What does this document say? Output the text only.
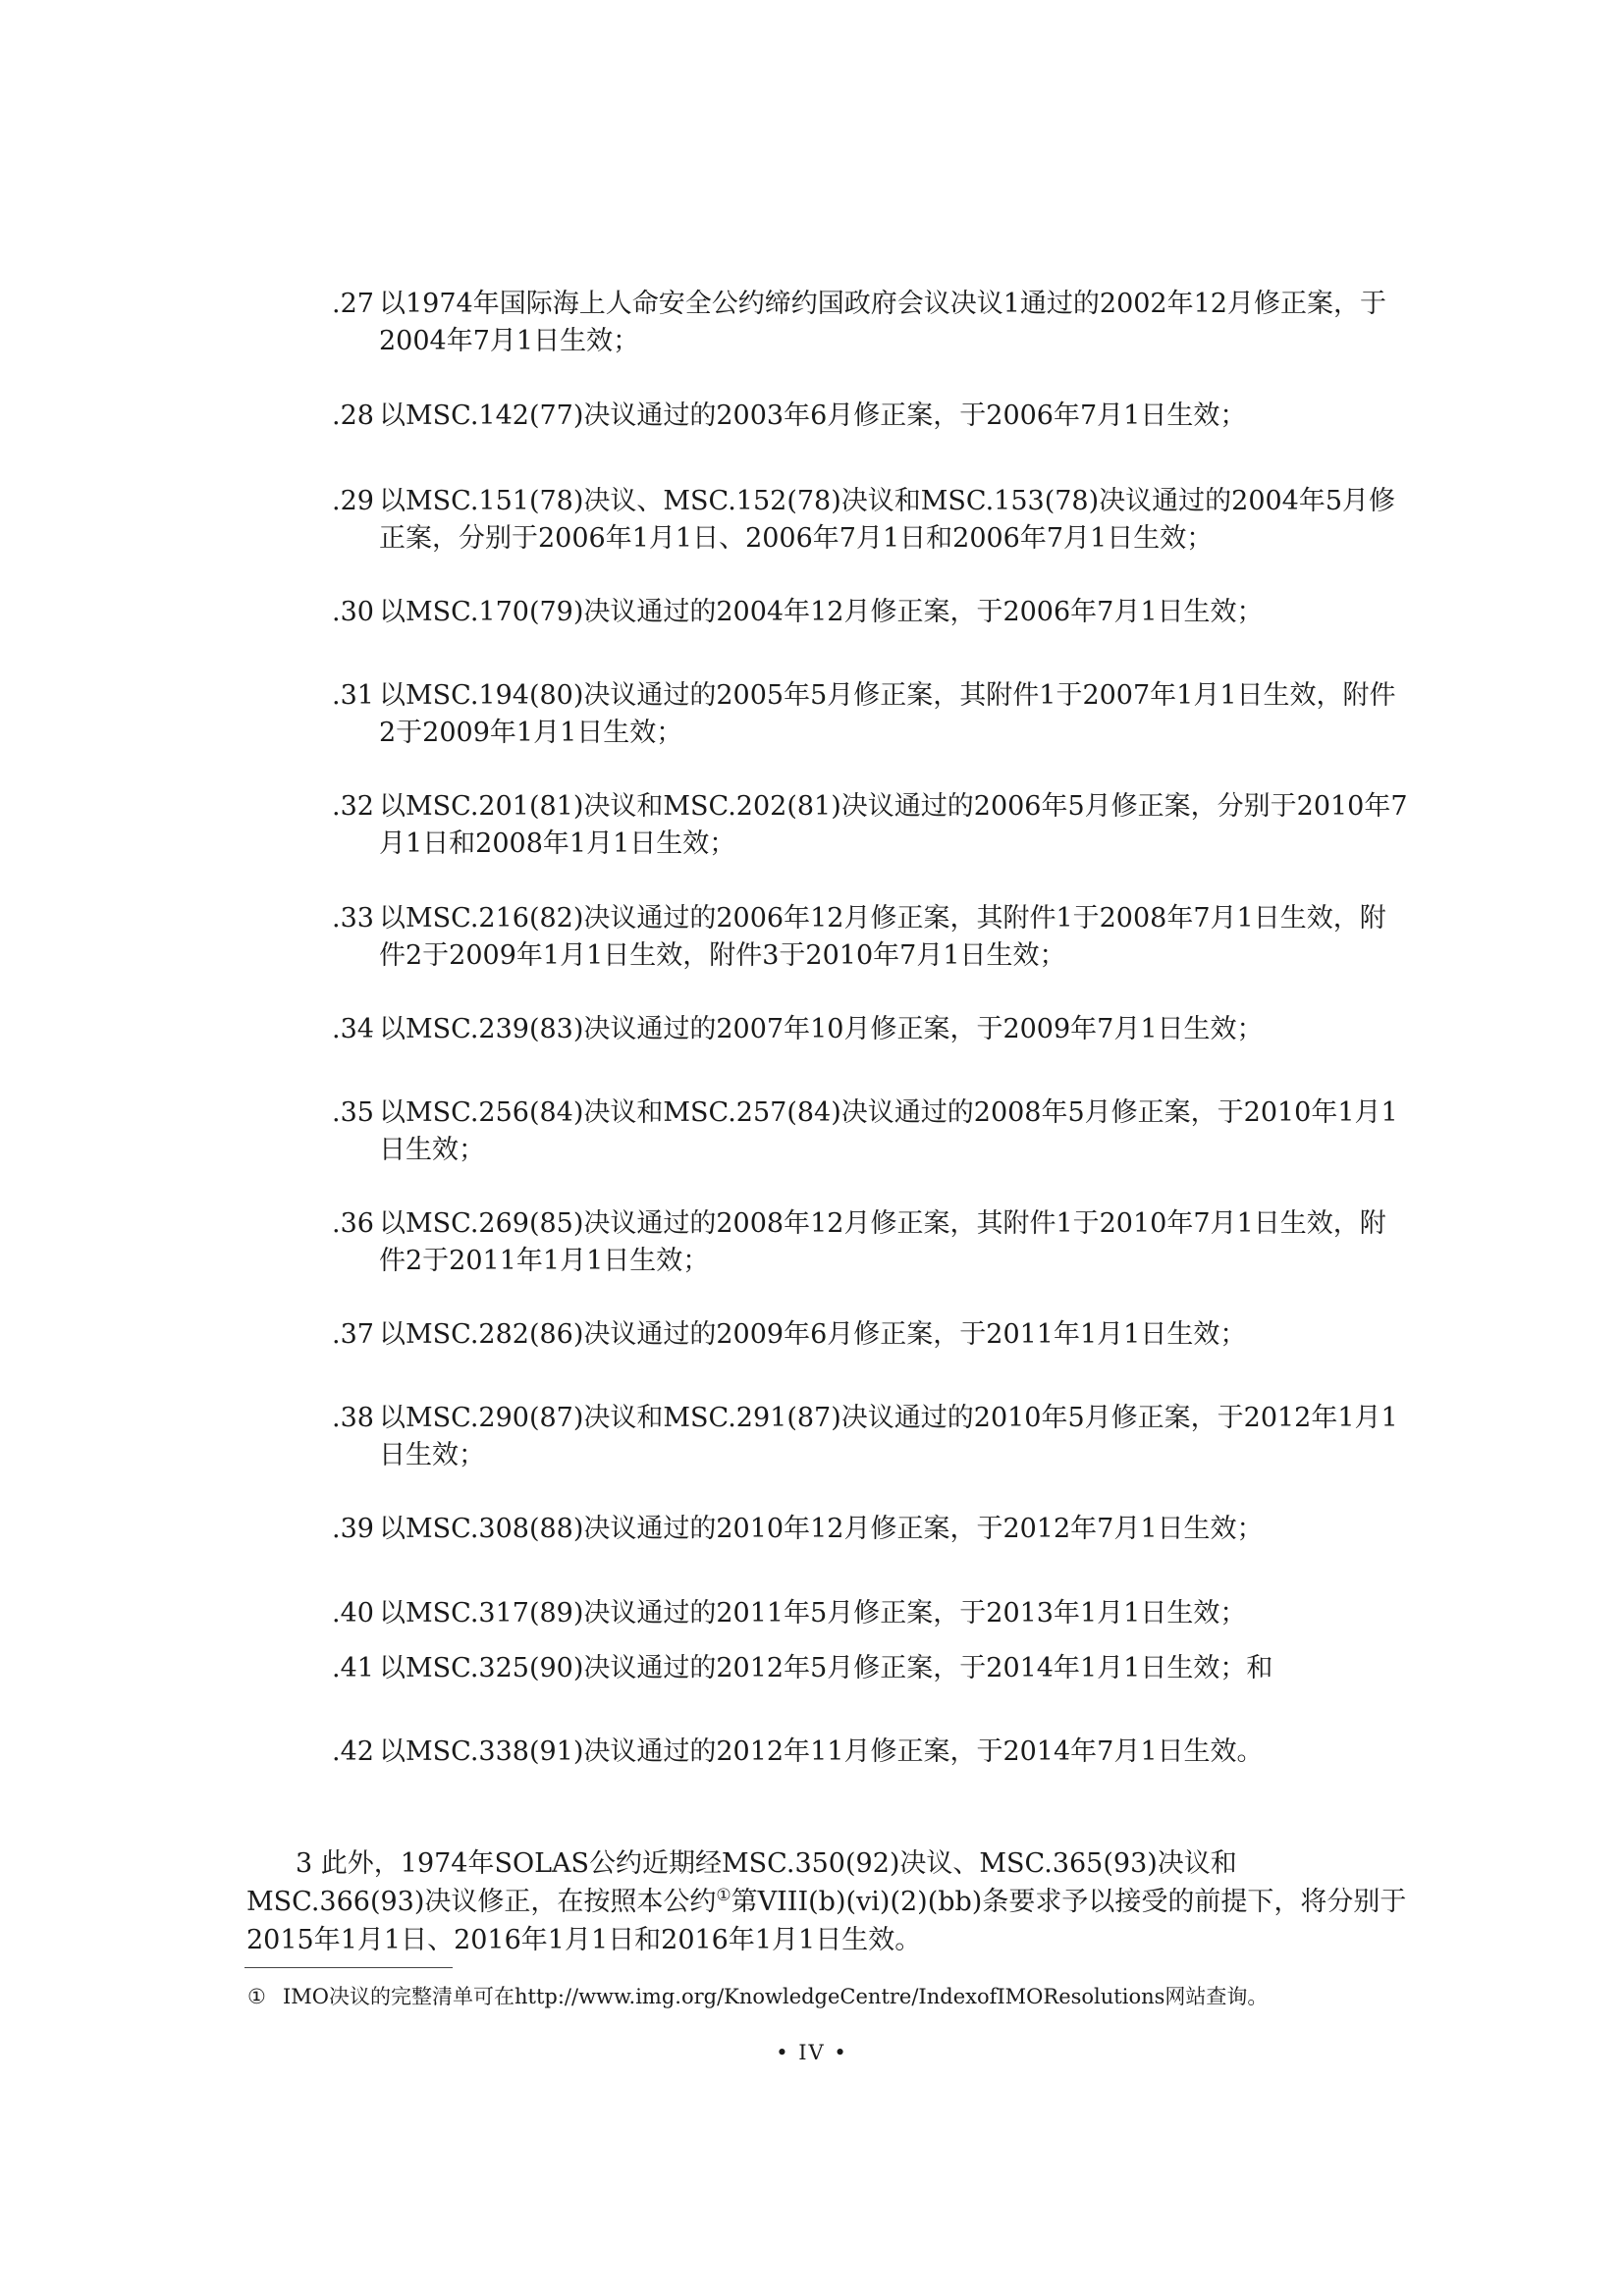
.27 以1974年国际海上人命安全公约缔约国政府会议决议1通过的2002年12月修正案，于2004年7月1日生效；
.28 以MSC.142(77)决议通过的2003年6月修正案，于2006年7月1日生效；
.29 以MSC.151(78)决议、MSC.152(78)决议和MSC.153(78)决议通过的2004年5月修正案，分别于2006年1月1日、2006年7月1日和2006年7月1日生效；
.30 以MSC.170(79)决议通过的2004年12月修正案，于2006年7月1日生效；
.31 以MSC.194(80)决议通过的2005年5月修正案，其附件1于2007年1月1日生效，附件2于2009年1月1日生效；
.32 以MSC.201(81)决议和MSC.202(81)决议通过的2006年5月修正案，分别于2010年7月1日和2008年1月1日生效；
.33 以MSC.216(82)决议通过的2006年12月修正案，其附件1于2008年7月1日生效，附件2于2009年1月1日生效，附件3于2010年7月1日生效；
.34 以MSC.239(83)决议通过的2007年10月修正案，于2009年7月1日生效；
.35 以MSC.256(84)决议和MSC.257(84)决议通过的2008年5月修正案，于2010年1月1日生效；
.36 以MSC.269(85)决议通过的2008年12月修正案，其附件1于2010年7月1日生效，附件2于2011年1月1日生效；
.37 以MSC.282(86)决议通过的2009年6月修正案，于2011年1月1日生效；
.38 以MSC.290(87)决议和MSC.291(87)决议通过的2010年5月修正案，于2012年1月1日生效；
.39 以MSC.308(88)决议通过的2010年12月修正案，于2012年7月1日生效；
.40 以MSC.317(89)决议通过的2011年5月修正案，于2013年1月1日生效；
.41 以MSC.325(90)决议通过的2012年5月修正案，于2014年1月1日生效；和
.42 以MSC.338(91)决议通过的2012年11月修正案，于2014年7月1日生效。

3 此外，1974年SOLAS公约近期经MSC.350(92)决议、MSC.365(93)决议和MSC.366(93)决议修正，在按照本公约①第VIII(b)(vi)(2)(bb)条要求予以接受的前提下，将分别于2015年1月1日、2016年1月1日和2016年1月1日生效。

① IMO决议的完整清单可在http://www.img.org/KnowledgeCentre/IndexofIMOResolutions网站查询。
• IV •
